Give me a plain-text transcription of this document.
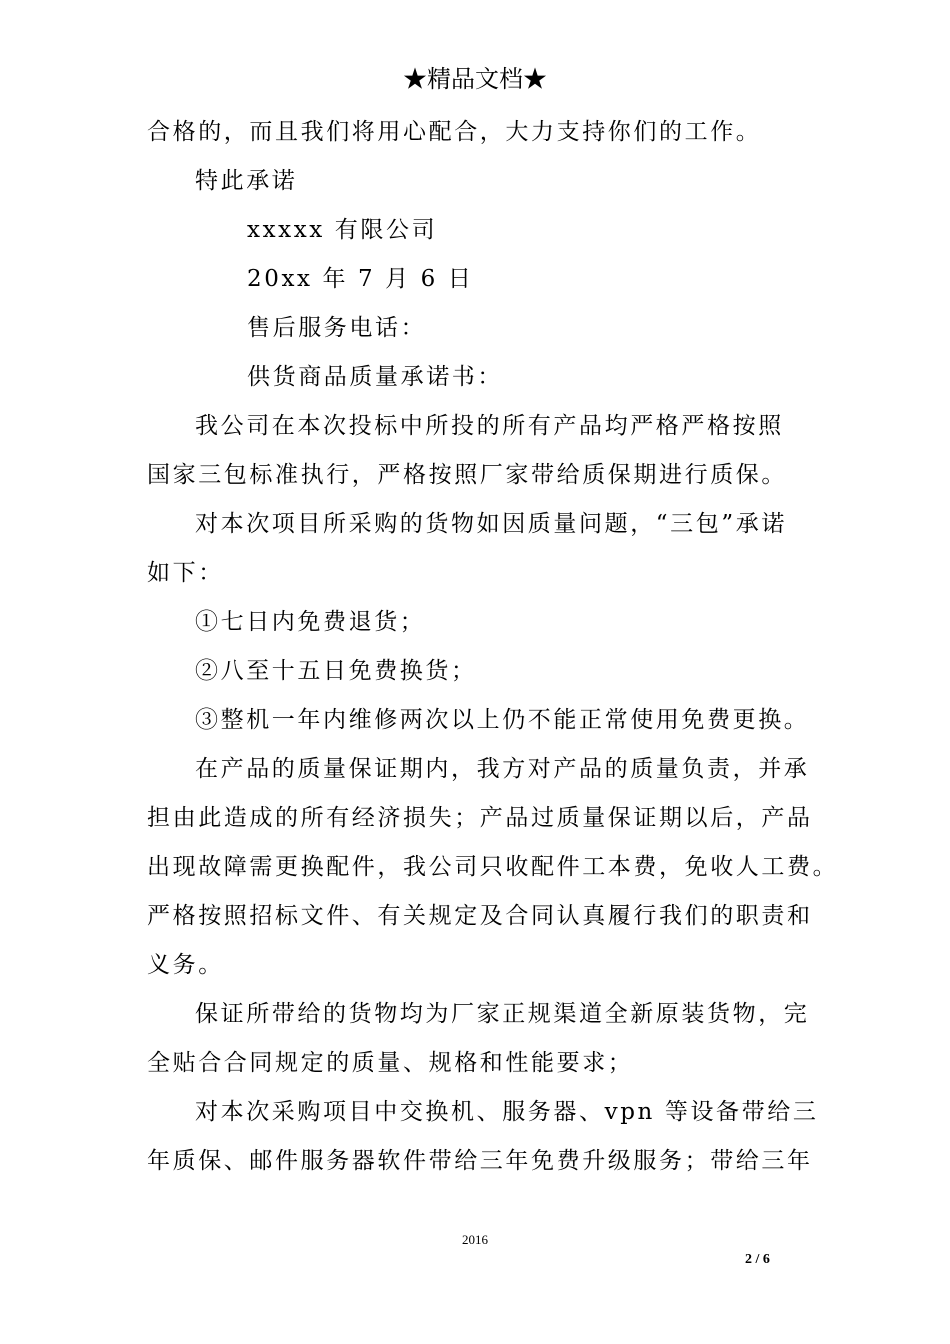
★精品文档★
合格的，而且我们将用心配合，大力支持你们的工作。
特此承诺
xxxxx 有限公司
20xx 年 7 月 6 日
售后服务电话：
供货商品质量承诺书：
我公司在本次投标中所投的所有产品均严格严格按照
国家三包标准执行，严格按照厂家带给质保期进行质保。
对本次项目所采购的货物如因质量问题，“三包”承诺
如下：
①七日内免费退货；
②八至十五日免费换货；
③整机一年内维修两次以上仍不能正常使用免费更换。
在产品的质量保证期内，我方对产品的质量负责，并承
担由此造成的所有经济损失；产品过质量保证期以后，产品
出现故障需更换配件，我公司只收配件工本费，免收人工费。
严格按照招标文件、有关规定及合同认真履行我们的职责和
义务。
保证所带给的货物均为厂家正规渠道全新原装货物，完
全贴合合同规定的质量、规格和性能要求；
对本次采购项目中交换机、服务器、vpn 等设备带给三
年质保、邮件服务器软件带给三年免费升级服务；带给三年
2016
2 / 6
